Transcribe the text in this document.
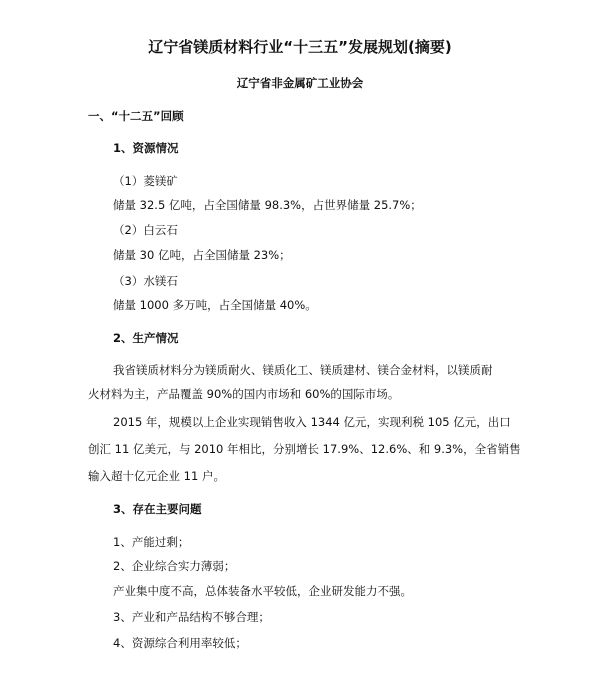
辽宁省镁质材料行业“十三五”发展规划(摘要)
辽宁省非金属矿工业协会
一、“十二五”回顾
1、资源情况
（1）菱镁矿
储量 32.5 亿吨，占全国储量 98.3%，占世界储量 25.7%；
（2）白云石
储量 30 亿吨，占全国储量 23%；
（3）水镁石
储量 1000 多万吨，占全国储量 40%。
2、生产情况
我省镁质材料分为镁质耐火、镁质化工、镁质建材、镁合金材料，以镁质耐
火材料为主，产品覆盖 90%的国内市场和 60%的国际市场。
2015 年，规模以上企业实现销售收入 1344 亿元，实现利税 105 亿元，出口
创汇 11 亿美元，与 2010 年相比，分别增长 17.9%、12.6%、和 9.3%，全省销售
输入超十亿元企业 11 户。
3、存在主要问题
1、产能过剩；
2、企业综合实力薄弱；
产业集中度不高，总体装备水平较低，企业研发能力不强。
3、产业和产品结构不够合理；
4、资源综合利用率较低；
